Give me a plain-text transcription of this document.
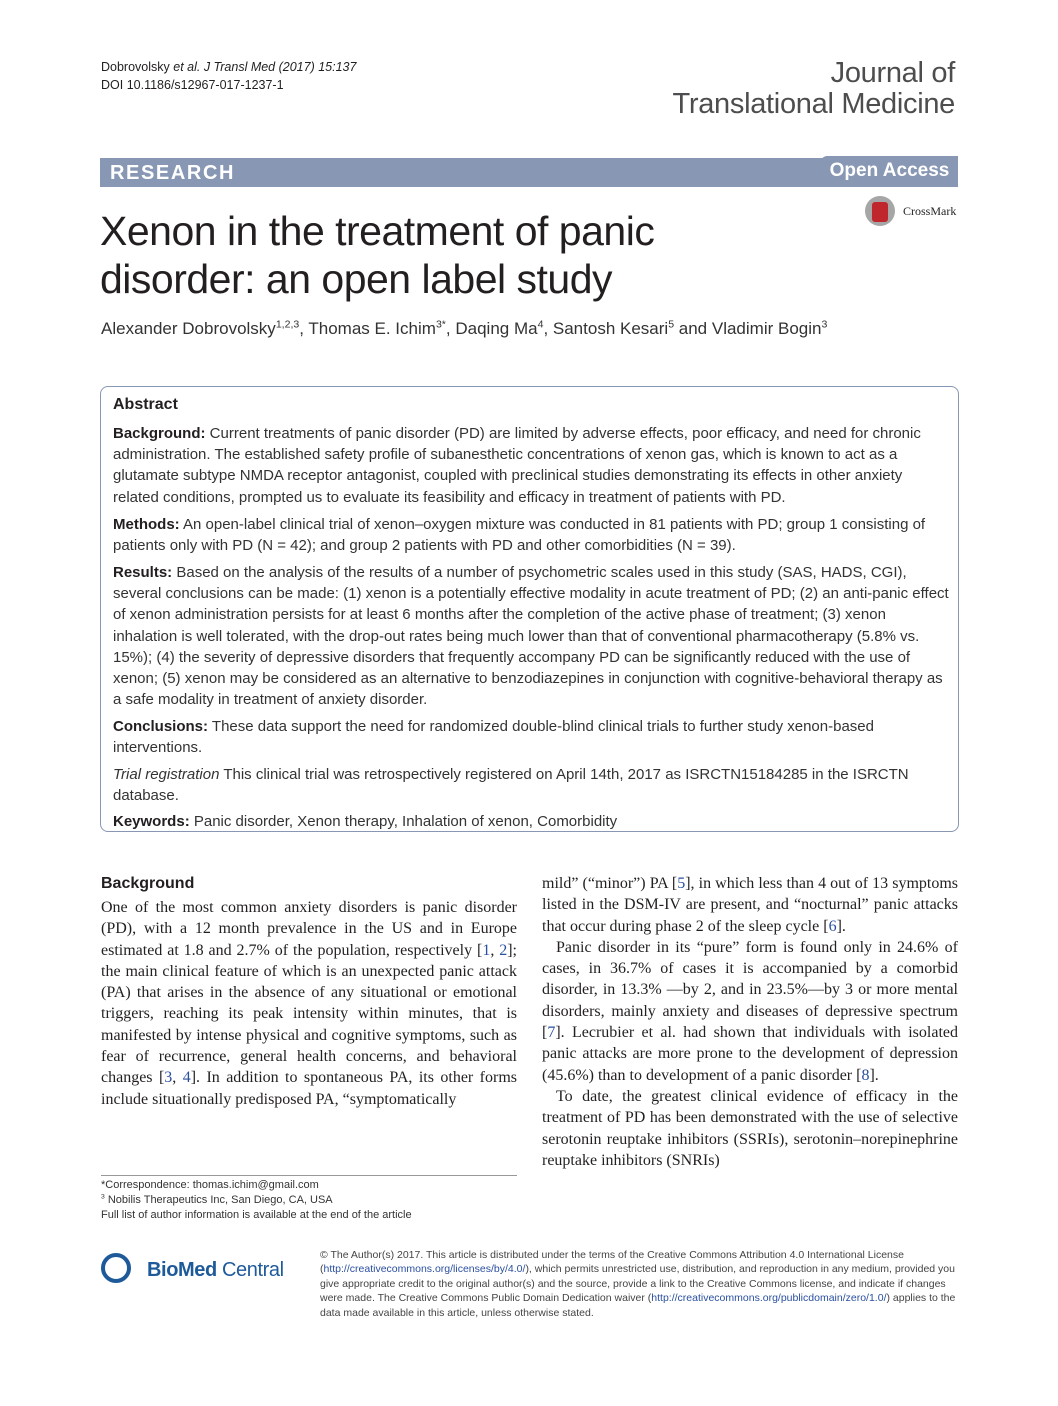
Dobrovolsky et al. J Transl Med (2017) 15:137
DOI 10.1186/s12967-017-1237-1	Journal of
Translational Medicine
RESEARCH	Open Access
CrossMark
Xenon in the treatment of panic disorder: an open label study
Alexander Dobrovolsky$^{1,2,3}$, Thomas E. Ichim$^{3*}$, Daqing Ma$^4$, Santosh Kesari$^5$ and Vladimir Bogin$^3$
Abstract
Background: Current treatments of panic disorder (PD) are limited by adverse effects, poor efficacy, and need for chronic administration. The established safety profile of subanesthetic concentrations of xenon gas, which is known to act as a glutamate subtype NMDA receptor antagonist, coupled with preclinical studies demonstrating its effects in other anxiety related conditions, prompted us to evaluate its feasibility and efficacy in treatment of patients with PD.
Methods: An open-label clinical trial of xenon–oxygen mixture was conducted in 81 patients with PD; group 1 consisting of patients only with PD (N = 42); and group 2 patients with PD and other comorbidities (N = 39).
Results: Based on the analysis of the results of a number of psychometric scales used in this study (SAS, HADS, CGI), several conclusions can be made: (1) xenon is a potentially effective modality in acute treatment of PD; (2) an anti-panic effect of xenon administration persists for at least 6 months after the completion of the active phase of treatment; (3) xenon inhalation is well tolerated, with the drop-out rates being much lower than that of conventional pharmacotherapy (5.8% vs. 15%); (4) the severity of depressive disorders that frequently accompany PD can be significantly reduced with the use of xenon; (5) xenon may be considered as an alternative to benzodiazepines in conjunction with cognitive-behavioral therapy as a safe modality in treatment of anxiety disorder.
Conclusions: These data support the need for randomized double-blind clinical trials to further study xenon-based interventions.
Trial registration This clinical trial was retrospectively registered on April 14th, 2017 as ISRCTN15184285 in the ISRCTN database.
Keywords: Panic disorder, Xenon therapy, Inhalation of xenon, Comorbidity
Background

One of the most common anxiety disorders is panic disorder (PD), with a 12 month prevalence in the US and in Europe estimated at 1.8 and 2.7% of the population, respectively [1, 2]; the main clinical feature of which is an unexpected panic attack (PA) that arises in the absence of any situational or emotional triggers, reaching its peak intensity within minutes, that is manifested by intense physical and cognitive symptoms, such as fear of recurrence, general health concerns, and behavioral changes [3, 4]. In addition to spontaneous PA, its other forms include situationally predisposed PA, “symptomatically

mild” (“minor”) PA [5], in which less than 4 out of 13 symptoms listed in the DSM-IV are present, and “nocturnal” panic attacks that occur during phase 2 of the sleep cycle [6].

Panic disorder in its “pure” form is found only in 24.6% of cases, in 36.7% of cases it is accompanied by a comorbid disorder, in 13.3% —by 2, and in 23.5%—by 3 or more mental disorders, mainly anxiety and diseases of depressive spectrum [7]. Lecrubier et al. had shown that individuals with isolated panic attacks are more prone to the development of depression (45.6%) than to development of a panic disorder [8].

To date, the greatest clinical evidence of efficacy in the treatment of PD has been demonstrated with the use of selective serotonin reuptake inhibitors (SSRIs), serotonin–norepinephrine reuptake inhibitors (SNRIs)

*Correspondence: thomas.ichim@gmail.com
$^3$ Nobilis Therapeutics Inc, San Diego, CA, USA
Full list of author information is available at the end of the article
BioMed Central
© The Author(s) 2017. This article is distributed under the terms of the Creative Commons Attribution 4.0 International License (http://creativecommons.org/licenses/by/4.0/), which permits unrestricted use, distribution, and reproduction in any medium, provided you give appropriate credit to the original author(s) and the source, provide a link to the Creative Commons license, and indicate if changes were made. The Creative Commons Public Domain Dedication waiver (http://creativecommons.org/publicdomain/zero/1.0/) applies to the data made available in this article, unless otherwise stated.
